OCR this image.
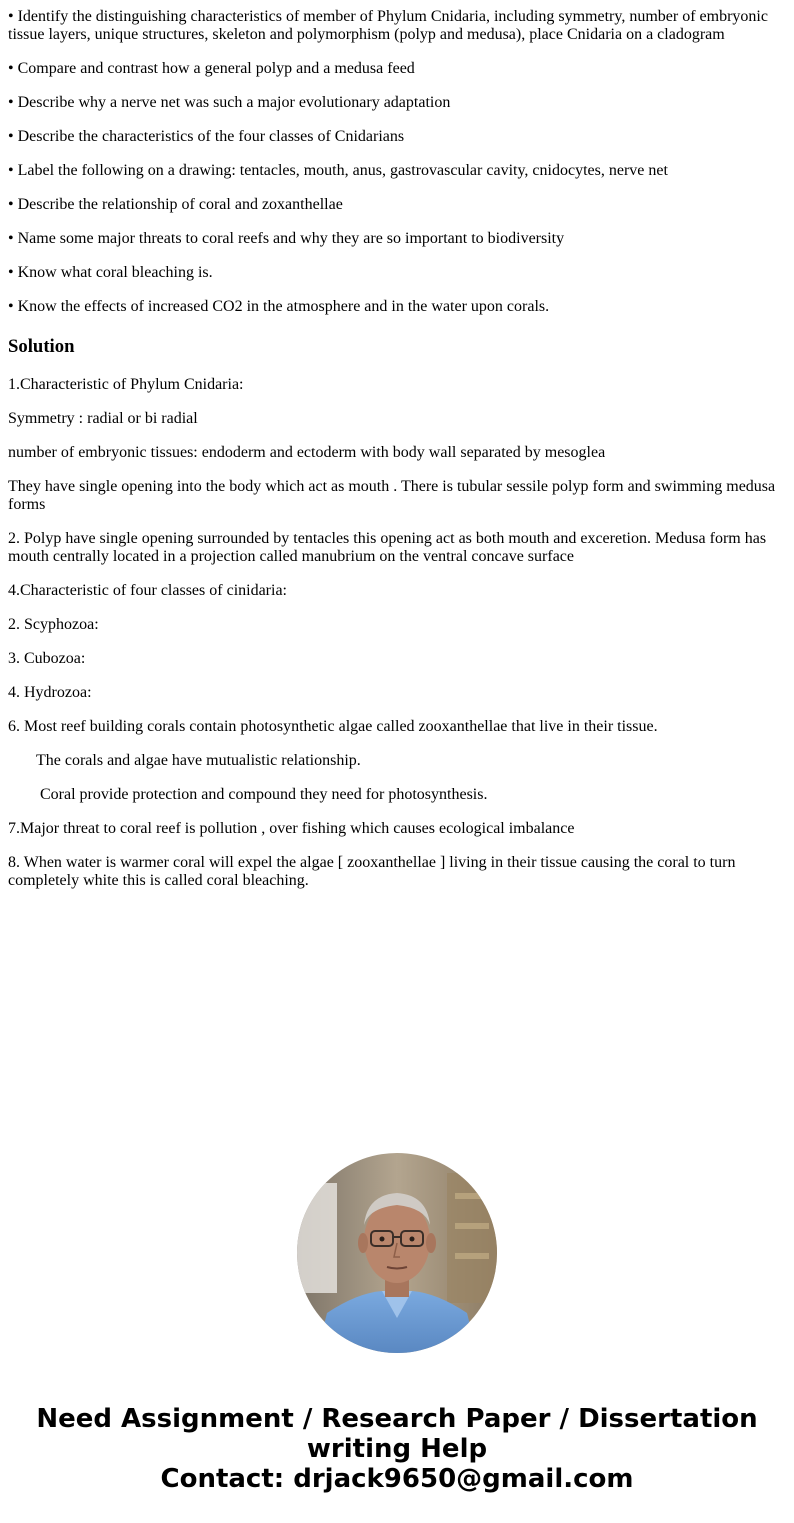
• Identify the distinguishing characteristics of member of Phylum Cnidaria, including symmetry, number of embryonic tissue layers, unique structures, skeleton and polymorphism (polyp and medusa), place Cnidaria on a cladogram

• Compare and contrast how a general polyp and a medusa feed

• Describe why a nerve net was such a major evolutionary adaptation

• Describe the characteristics of the four classes of Cnidarians

• Label the following on a drawing: tentacles, mouth, anus, gastrovascular cavity, cnidocytes, nerve net

• Describe the relationship of coral and zoxanthellae

• Name some major threats to coral reefs and why they are so important to biodiversity

• Know what coral bleaching is.

• Know the effects of increased CO2 in the atmosphere and in the water upon corals.

Solution

1.Characteristic of Phylum Cnidaria:

Symmetry : radial or bi radial

number of embryonic tissues: endoderm and ectoderm with body wall separated by mesoglea

They have single opening into the body which act as mouth . There is tubular sessile polyp form and swimming medusa forms

2. Polyp have single opening surrounded by tentacles this opening act as both mouth and exceretion. Medusa form has mouth centrally located in a projection called manubrium on the ventral concave surface

4.Characteristic of four classes of cinidaria:

2. Scyphozoa:

3. Cubozoa:

4. Hydrozoa:

6. Most reef building corals contain photosynthetic algae called zooxanthellae that live in their tissue.

The corals and algae have mutualistic relationship.

Coral provide protection and compound they need for photosynthesis.

7.Major threat to coral reef is pollution , over fishing which causes ecological imbalance

8. When water is warmer coral will expel the algae [ zooxanthellae ] living in their tissue causing the coral to turn completely white this is called coral bleaching.

Need Assignment / Research Paper / Dissertation
writing Help
Contact: drjack9650@gmail.com
